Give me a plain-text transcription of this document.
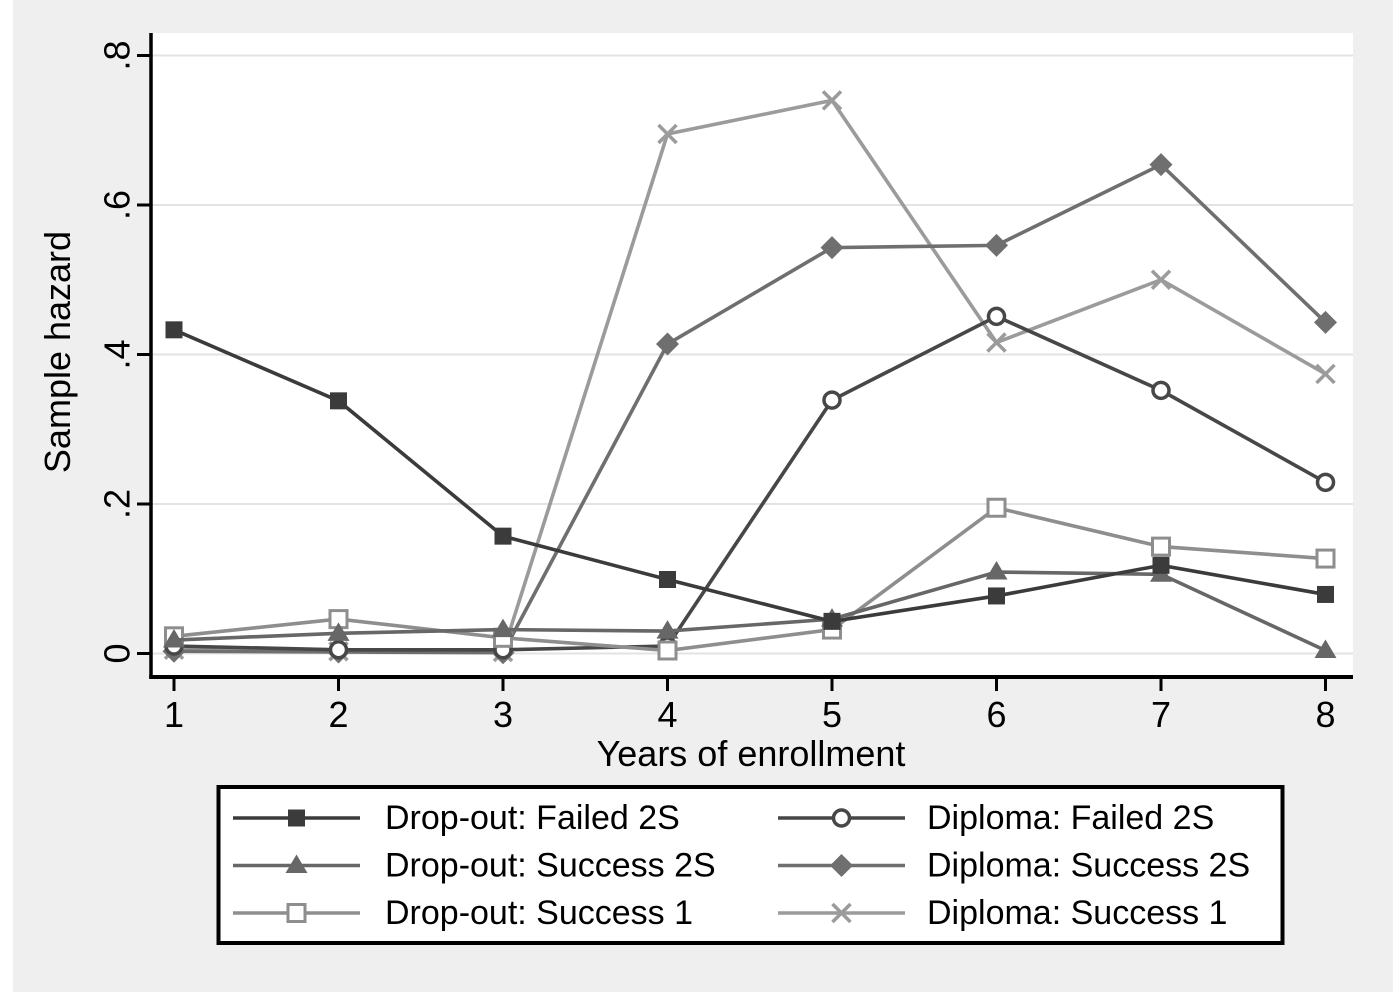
0
.2
.4
.6
.8
1	2	3	4	5	6	7	8
Drop-out: Failed 2S
Drop-out: Success 2S
Drop-out: Success 1
Diploma: Failed 2S
Diploma: Success 2S
Diploma: Success 1
Years of enrollment
Sample hazard
